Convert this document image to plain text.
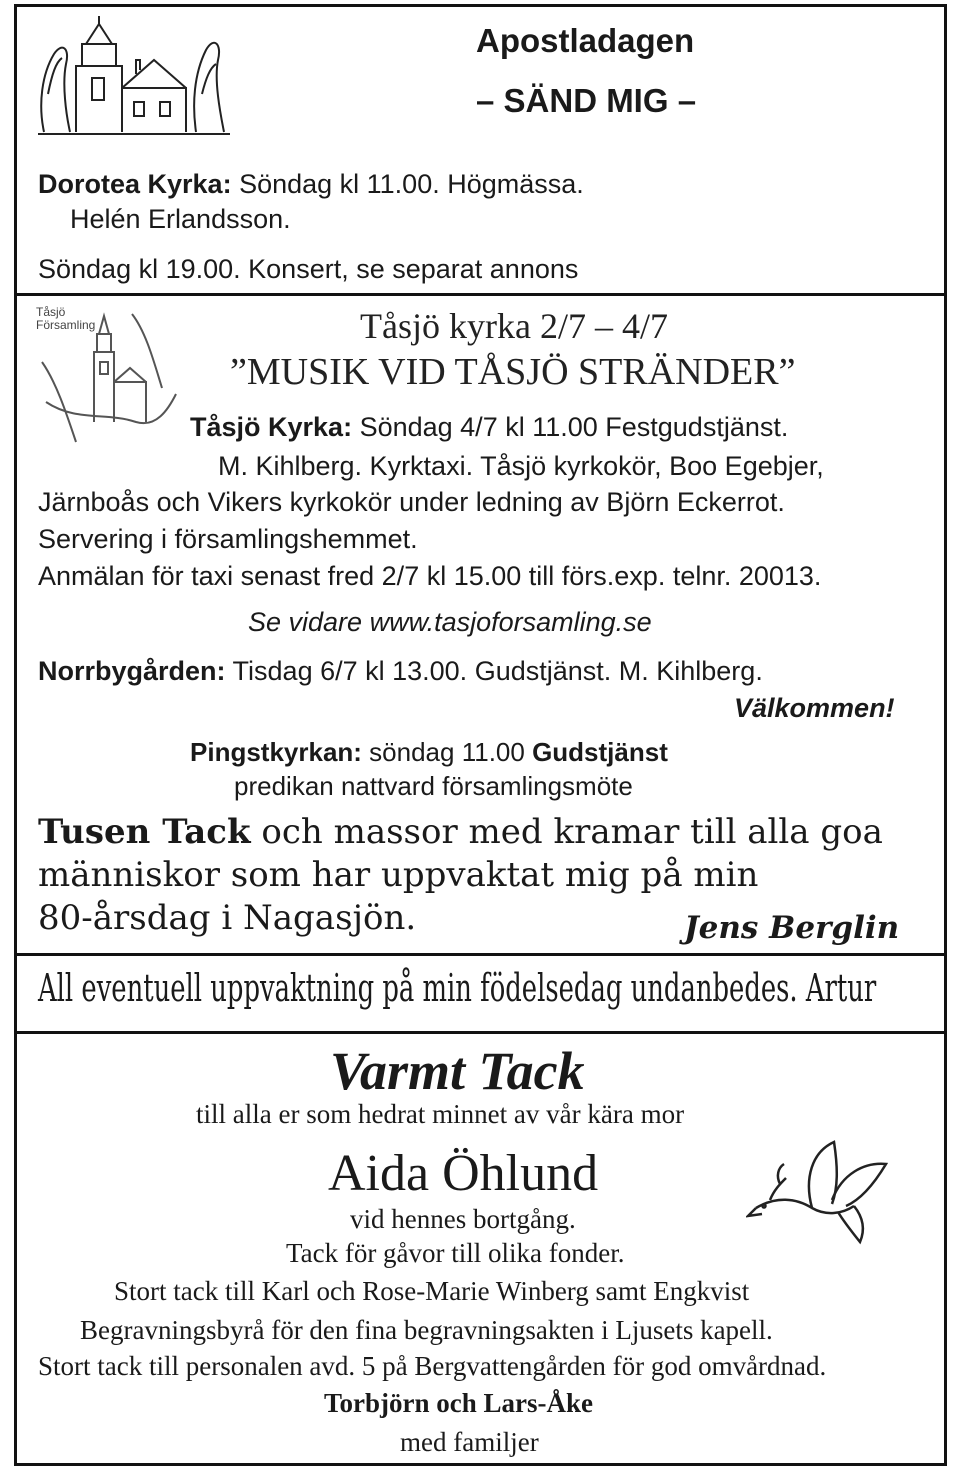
Apostladagen
– SÄND MIG –
Dorotea Kyrka: Söndag kl 11.00. Högmässa.
Helén Erlandsson.
Söndag kl 19.00. Konsert, se separat annons
Tåsjö Församling	Tåsjö kyrka 2/7 – 4/7
”MUSIK VID TÅSJÖ STRÄNDER”
Tåsjö Kyrka: Söndag 4/7 kl 11.00 Festgudstjänst.
M. Kihlberg. Kyrktaxi. Tåsjö kyrkokör, Boo Egebjer,
Järnboås och Vikers kyrkokör under ledning av Björn Eckerrot.
Servering i församlingshemmet.
Anmälan för taxi senast fred 2/7 kl 15.00 till förs.exp. telnr. 20013.
Se vidare www.tasjoforsamling.se
Norrbygården: Tisdag 6/7 kl 13.00. Gudstjänst. M. Kihlberg.
Välkommen!
Pingstkyrkan: söndag 11.00 Gudstjänst
predikan nattvard församlingsmöte
Tusen Tack och massor med kramar till alla goa
människor som har uppvaktat mig på min
80-årsdag i Nagasjön.	Jens Berglin
All eventuell uppvaktning på min födelsedag undanbedes. Artur
Varmt Tack
till alla er som hedrat minnet av vår kära mor
Aida Öhlund
vid hennes bortgång.
Tack för gåvor till olika fonder.
Stort tack till Karl och Rose-Marie Winberg samt Engkvist
Begravningsbyrå för den fina begravningsakten i Ljusets kapell.
Stort tack till personalen avd. 5 på Bergvattengården för god omvårdnad.
Torbjörn och Lars-Åke
med familjer
